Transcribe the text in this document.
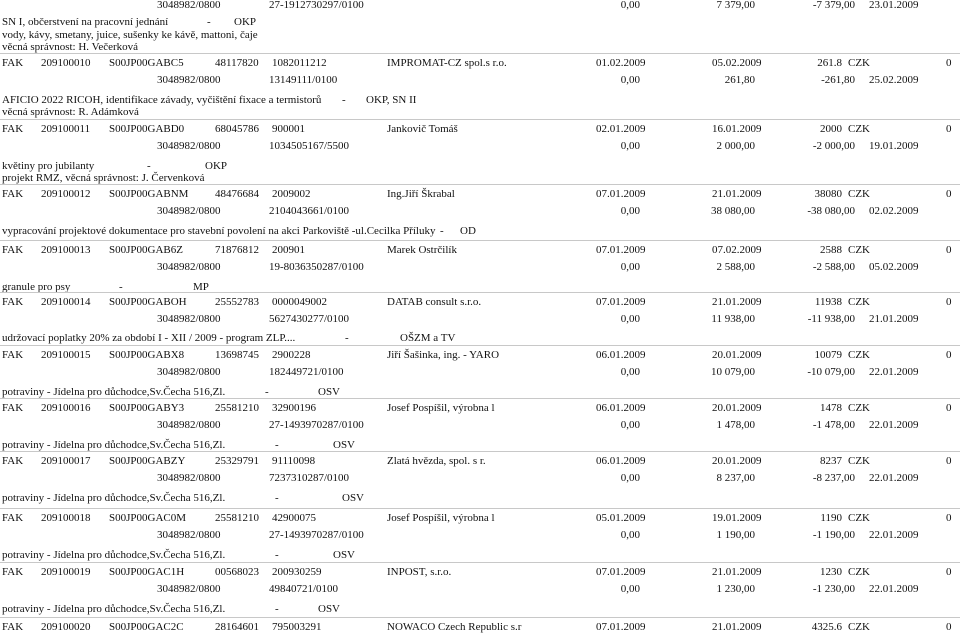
3048982/0800	27-1912730297/0100	0,00	7 379,00	-7 379,00 23.01.2009
SN I, občerstvení na pracovní jednání	- OKP
vody, kávy, smetany, juice, sušenky ke kávě, mattoni, čaje
věcná správnost: H. Večerková
FAK 209100010 S00JP00GABC5	48117820 1082011212	IMPROMAT-CZ spol.s r.o.	01.02.2009	05.02.2009	261.8 CZK	0
3048982/0800	13149111/0100	0,00	261,80	-261,80 25.02.2009
AFICIO 2022 RICOH, identifikace závady, vyčištění fixace a termistorů - OKP, SN II
věcná správnost: R. Adámková
FAK 209100011 S00JP00GABD0	68045786 900001	Jankovič Tomáš	02.01.2009	16.01.2009	2000 CZK	0
3048982/0800	1034505167/5500	0,00	2 000,00	-2 000,00 19.01.2009
květiny pro jubilanty	-	OKP
projekt RMZ, věcná správnost: J. Červenková
FAK 209100012 S00JP00GABNM 48476684 2009002	Ing.Jiří Škrabal	07.01.2009	21.01.2009	38080 CZK	0
3048982/0800	2104043661/0100	0,00	38 080,00	-38 080,00 02.02.2009
vypracování projektové dokumentace pro stavební povolení na akci Parkoviště -ul.Cecilka Příluky - OD
FAK 209100013 S00JP00GAB6Z	71876812 200901	Marek Ostrčilík	07.01.2009	07.02.2009	2588 CZK	0
3048982/0800	19-8036350287/0100	0,00	2 588,00	-2 588,00 05.02.2009
granule pro psy	-	MP
FAK 209100014 S00JP00GABOH	25552783 0000049002	DATAB consult s.r.o.	07.01.2009	21.01.2009	11938 CZK	0
3048982/0800	5627430277/0100	0,00	11 938,00	-11 938,00 21.01.2009
udržovací poplatky 20% za období I - XII / 2009 - program ZLP....	-	OŠZM a TV
FAK 209100015 S00JP00GABX8	13698745 2900228	Jiří Šašinka, ing. - YARO	06.01.2009	20.01.2009	10079 CZK	0
3048982/0800	182449721/0100	0,00	10 079,00	-10 079,00 22.01.2009
potraviny - Jídelna pro důchodce,Sv.Čecha 516,Zl.	-	OSV
FAK 209100016 S00JP00GABY3	25581210 32900196	Josef Pospíšil, výrobna l	06.01.2009	20.01.2009	1478 CZK	0
3048982/0800	27-1493970287/0100	0,00	1 478,00	-1 478,00 22.01.2009
potraviny - Jídelna pro důchodce,Sv.Čecha 516,Zl.	-	OSV
FAK 209100017 S00JP00GABZY	25329791 91110098	Zlatá hvězda, spol. s r.	06.01.2009	20.01.2009	8237 CZK	0
3048982/0800	7237310287/0100	0,00	8 237,00	-8 237,00 22.01.2009
potraviny - Jídelna pro důchodce,Sv.Čecha 516,Zl.	-	OSV
FAK 209100018 S00JP00GAC0M	25581210 42900075	Josef Pospíšil, výrobna l	05.01.2009	19.01.2009	1190 CZK	0
3048982/0800	27-1493970287/0100	0,00	1 190,00	-1 190,00 22.01.2009
potraviny - Jídelna pro důchodce,Sv.Čecha 516,Zl.	-	OSV
FAK 209100019 S00JP00GAC1H	00568023 200930259	INPOST, s.r.o.	07.01.2009	21.01.2009	1230 CZK	0
3048982/0800	49840721/0100	0,00	1 230,00	-1 230,00 22.01.2009
potraviny - Jídelna pro důchodce,Sv.Čecha 516,Zl.	-	OSV
FAK 209100020 S00JP00GAC2C	28164601 795003291	NOWACO Czech Republic s.r	07.01.2009	21.01.2009	4325.6 CZK	0
